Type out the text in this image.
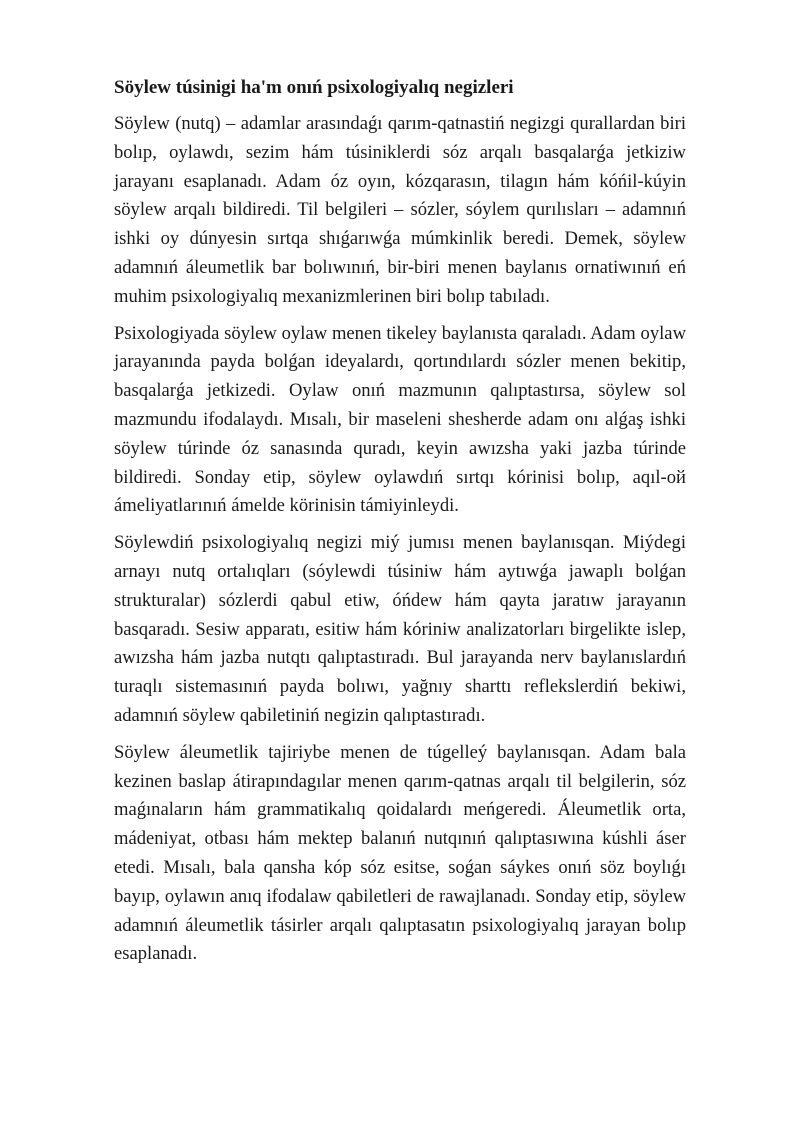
Söylew túsinigi ha'm onıń psixologiyalıq negizleri

Söylew (nutq) – adamlar arasındaǵı qarım-qatnastiń negizgi qurallardan biri bolıp, oylawdı, sezim hám túsiniklerdi sóz arqalı basqalarǵa jetkiziw jarayanı esaplanadı. Adam óz oyın, kózqarasın, tilagın hám kóńil-kúyin söylew arqalı bildiredi. Til belgileri – sózler, sóylem qurılısları – adamnıń ishki oy dúnyesin sırtqa shıǵarıwǵa múmkinlik beredi. Demek, söylew adamnıń áleumetlik bar bolıwınıń, bir-biri menen baylanıs ornatiwınıń eń muhim psixologiyalıq mexanizmlerinen biri bolıp tabıladı.

Psixologiyada söylew oylaw menen tikeley baylanısta qaraladı. Adam oylaw jarayanında payda bolǵan ideyalardı, qortındılardı sózler menen bekitip, basqalarǵa jetkizedi. Oylaw onıń mazmunın qalıptastırsa, söylew sol mazmundu ifodalaydı. Mısalı, bir maseleni shesherde adam onı alǵaş ishki söylew túrinde óz sanasında quradı, keyin awızsha yaki jazba túrinde bildiredi. Sonday etip, söylew oylawdıń sırtqı kórinisi bolıp, aqıl-oй ámeliyatlarınıń ámelde körinisin támiyinleydi.

Söylewdiń psixologiyalıq negizi miý jumısı menen baylanısqan. Miýdegi arnayı nutq ortalıqları (sóylewdi túsiniw hám aytıwǵa jawaplı bolǵan strukturalar) sózlerdi qabul etiw, óńdew hám qayta jaratıw jarayanın basqaradı. Sesiw apparatı, esitiw hám kóriniw analizatorları birgelikte islep, awızsha hám jazba nutqtı qalıptastıradı. Bul jarayanda nerv baylanıslardıń turaqlı sistemasınıń payda bolıwı, yağnıy sharttı reflekslerdiń bekiwi, adamnıń söylew qabiletiniń negizin qalıptastıradı.

Söylew áleumetlik tajiriybe menen de túgelleý baylanısqan. Adam bala kezinen baslap átirapındagılar menen qarım-qatnas arqalı til belgilerin, sóz maǵınaların hám grammatikalıq qoidalardı meńgeredi. Áleumetlik orta, mádeniyat, otbası hám mektep balanıń nutqınıń qalıptasıwına kúshli áser etedi. Mısalı, bala qansha kóp sóz esitse, soǵan sáykes onıń söz boylıǵı bayıp, oylawın anıq ifodalaw qabiletleri de rawajlanadı. Sonday etip, söylew adamnıń áleumetlik tásirler arqalı qalıptasatın psixologiyalıq jarayan bolıp esaplanadı.
